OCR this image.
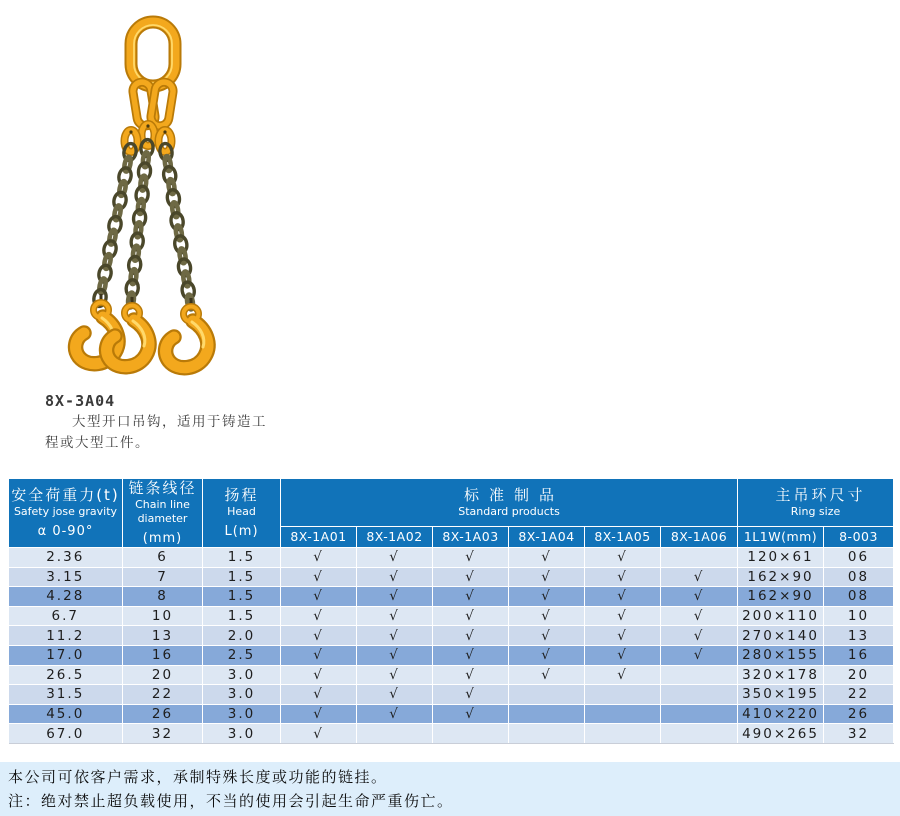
8X-3A04
大型开口吊钩，适用于铸造工程或大型工件。
安全荷重力(t)
Safety jose gravity
α 0-90°

链条线径
Chain line diameter
(mm)

扬程
Head
L(m)

标准制品
Standard products

主吊环尺寸
Ring size

			8X-1A01	8X-1A02	8X-1A03	8X-1A04	8X-1A05	8X-1A06	1L1W(mm)	8-003
2.36	6	1.5	√	√	√	√	√		120×61	06
3.15	7	1.5	√	√	√	√	√	√	162×90	08
4.28	8	1.5	√	√	√	√	√	√	162×90	08
6.7	10	1.5	√	√	√	√	√	√	200×110	10
11.2	13	2.0	√	√	√	√	√	√	270×140	13
17.0	16	2.5	√	√	√	√	√	√	280×155	16
26.5	20	3.0	√	√	√	√	√		320×178	20
31.5	22	3.0	√	√	√				350×195	22
45.0	26	3.0	√	√	√				410×220	26
67.0	32	3.0	√						490×265	32
本公司可依客户需求，承制特殊长度或功能的链挂。
注：绝对禁止超负载使用，不当的使用会引起生命严重伤亡。
